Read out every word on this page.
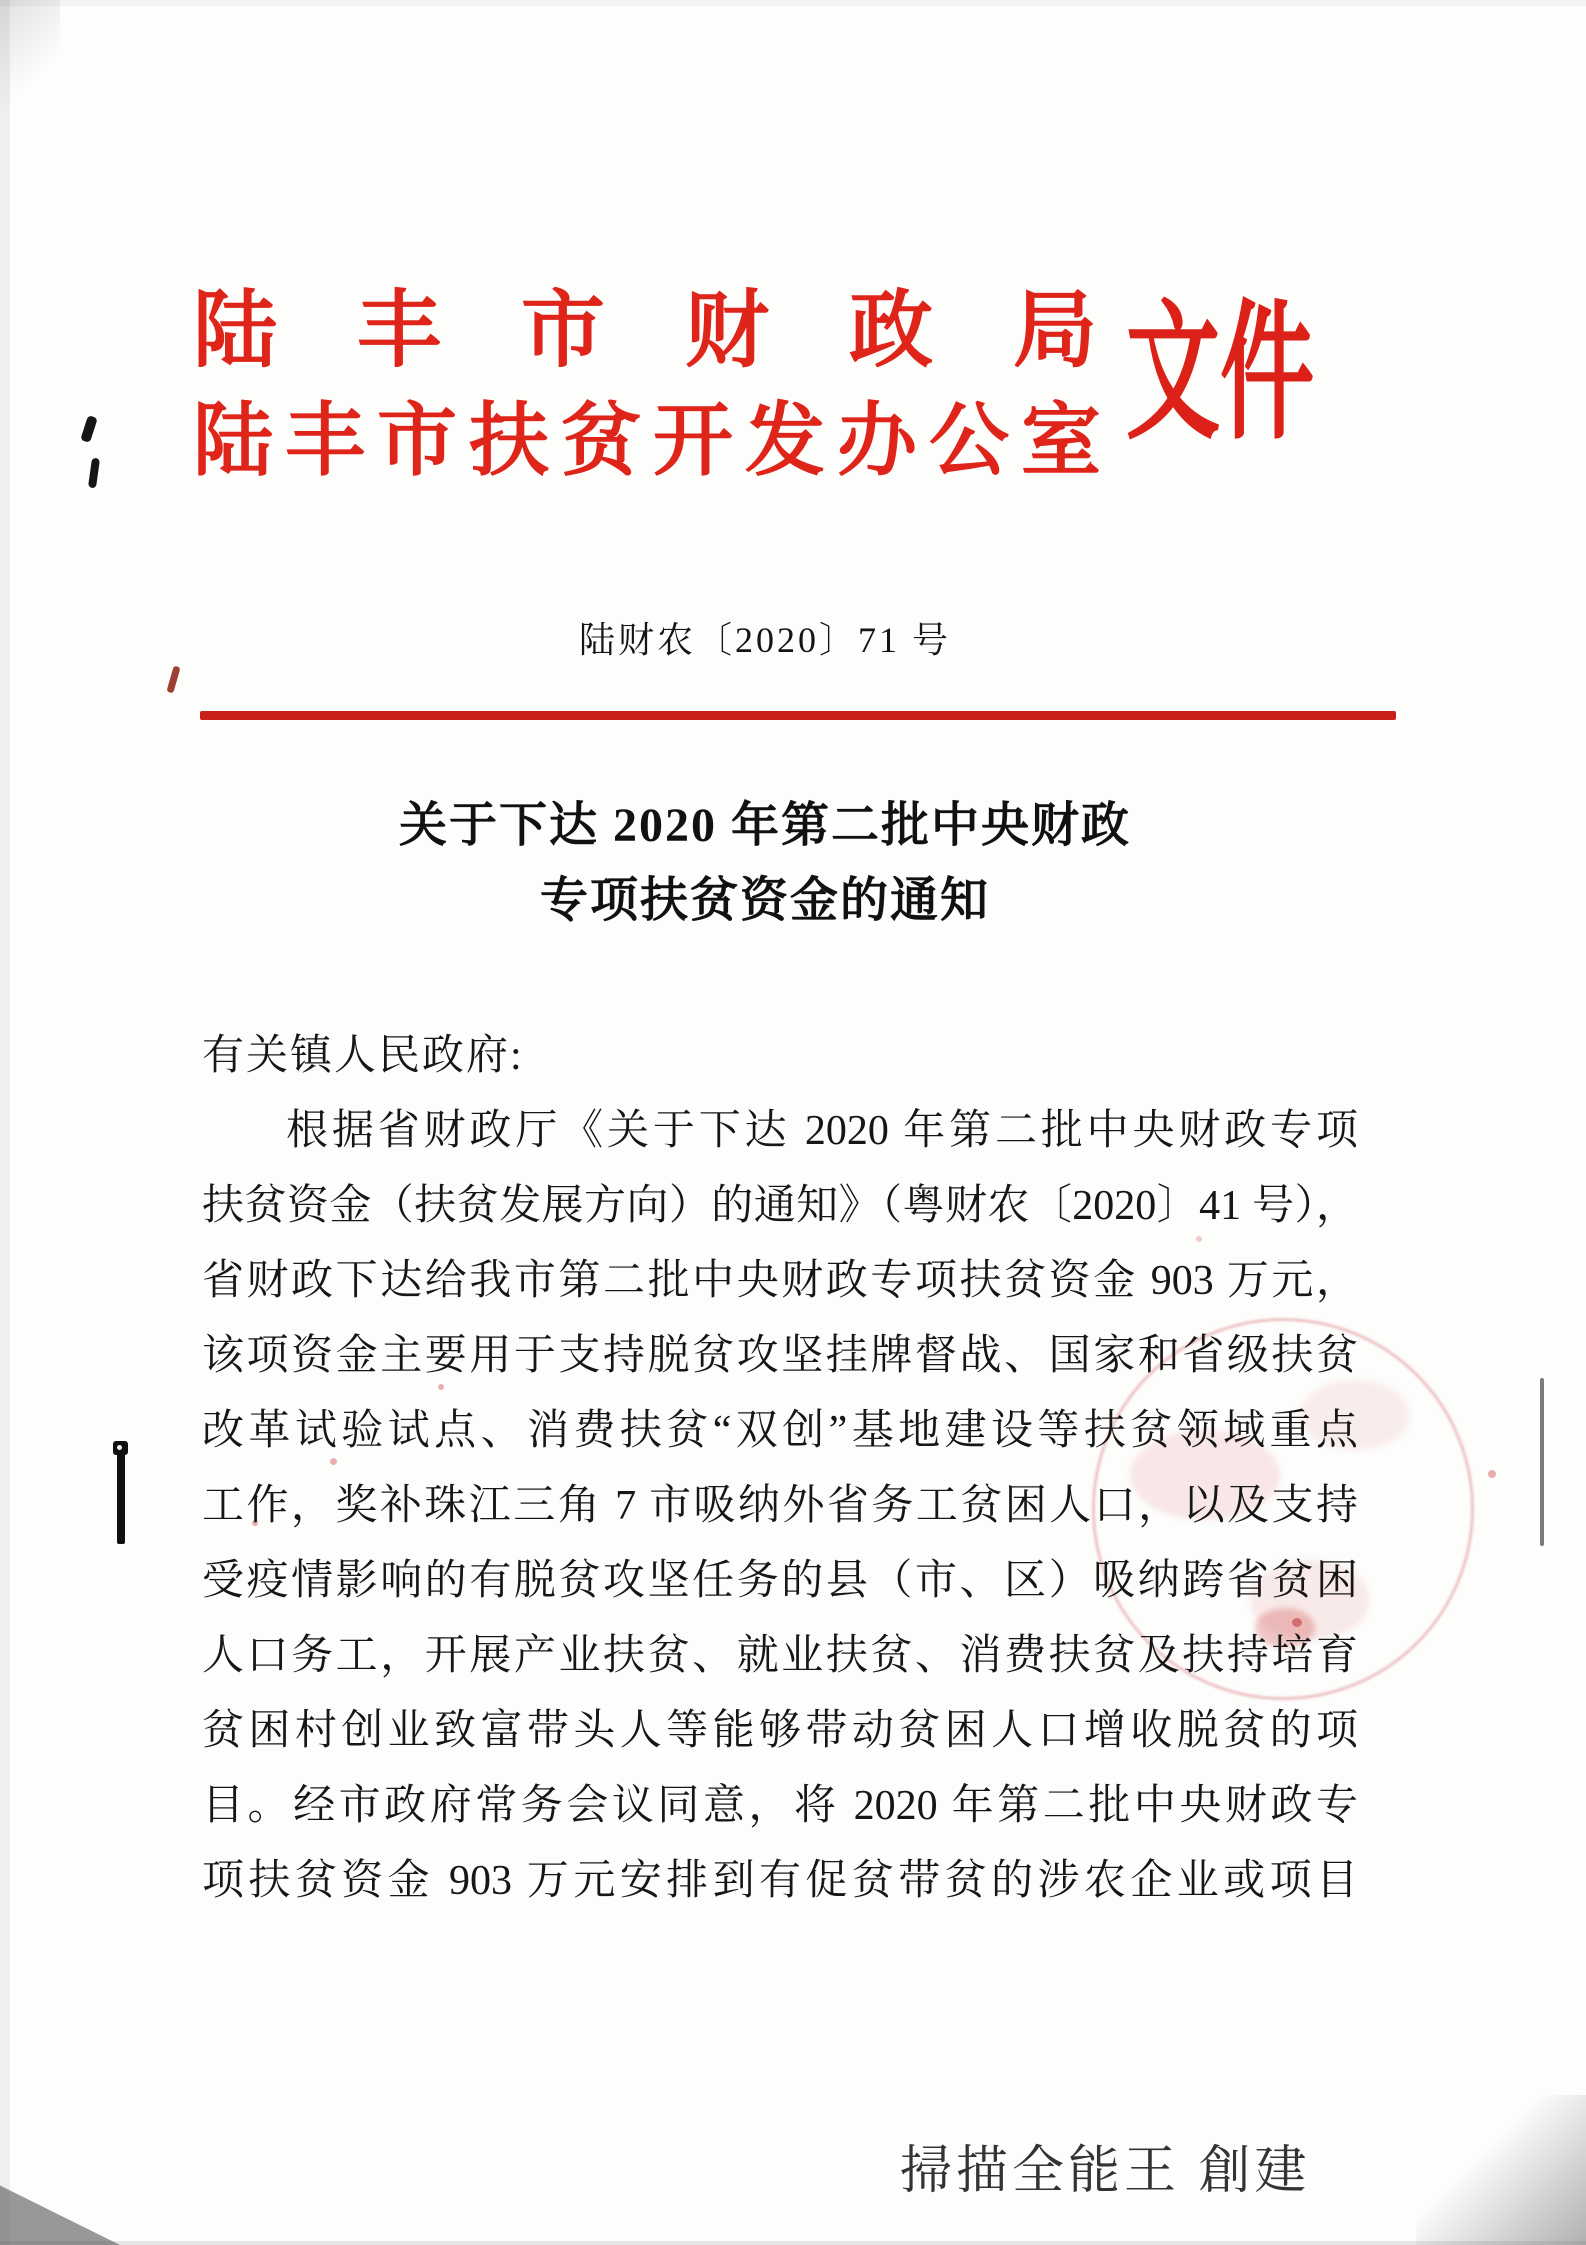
陆丰市财政局
陆丰市扶贫开发办公室 文件
陆财农〔2020〕71 号
关于下达 2020 年第二批中央财政
专项扶贫资金的通知
有关镇人民政府:
根据省财政厅《关于下达 2020 年第二批中央财政专项
扶贫资金（扶贫发展方向）的通知》（粤财农〔2020〕41 号），
省财政下达给我市第二批中央财政专项扶贫资金 903 万元，
该项资金主要用于支持脱贫攻坚挂牌督战、国家和省级扶贫
改革试验试点、消费扶贫“双创”基地建设等扶贫领域重点
工作，奖补珠江三角 7 市吸纳外省务工贫困人口，以及支持
受疫情影响的有脱贫攻坚任务的县（市、区）吸纳跨省贫困
人口务工，开展产业扶贫、就业扶贫、消费扶贫及扶持培育
贫困村创业致富带头人等能够带动贫困人口增收脱贫的项
目。经市政府常务会议同意，将 2020 年第二批中央财政专
项扶贫资金 903 万元安排到有促贫带贫的涉农企业或项目
掃描全能王 創建
